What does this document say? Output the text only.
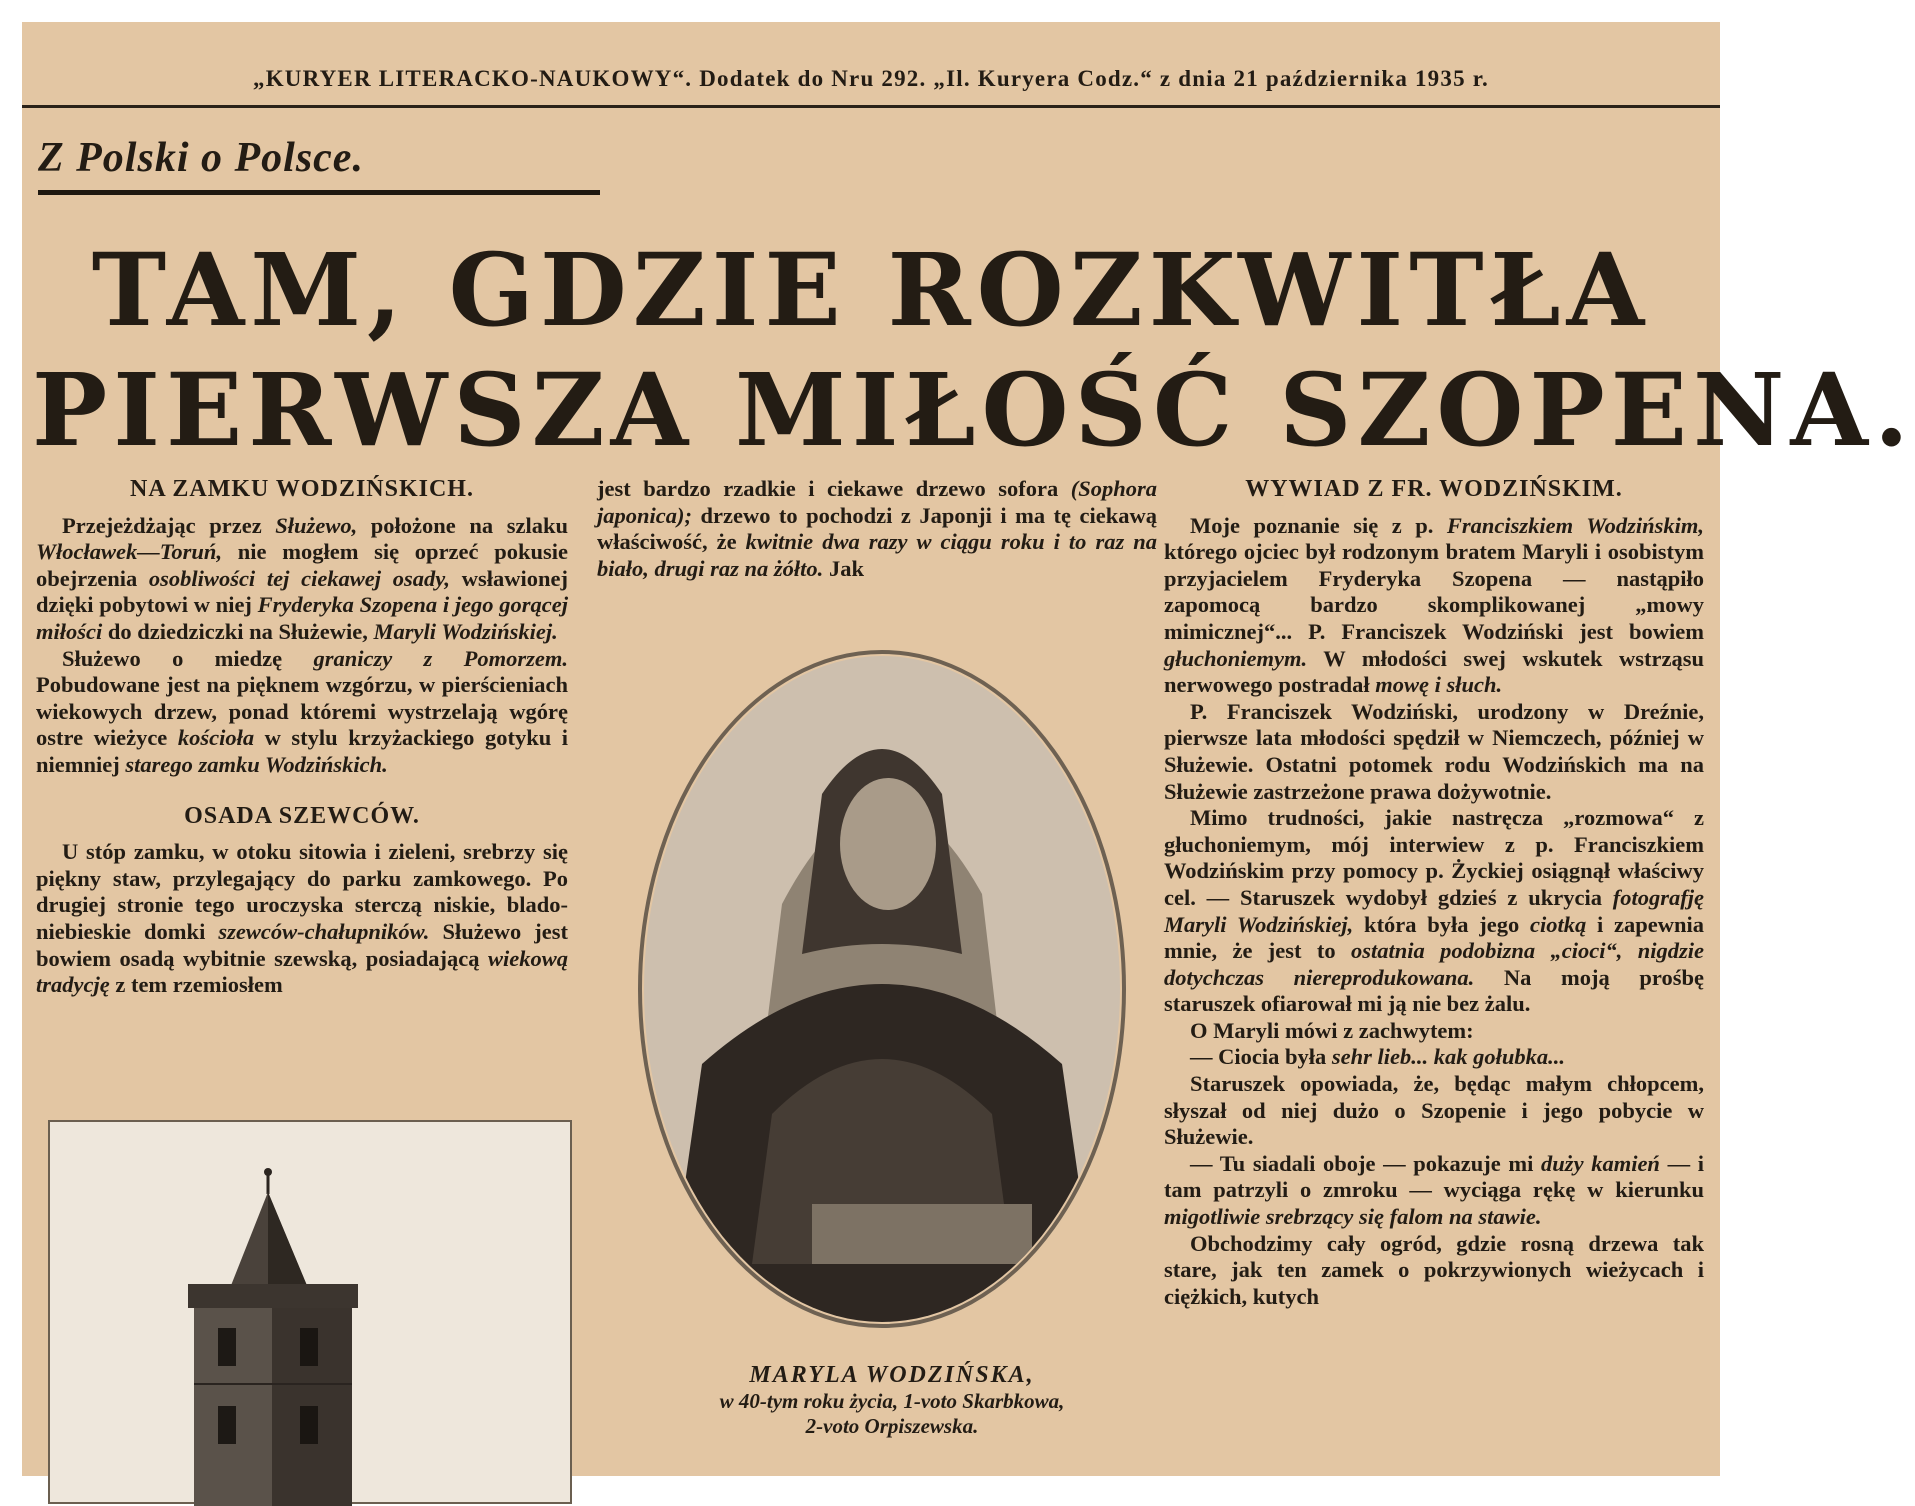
„KURYER LITERACKO-NAUKOWY“. Dodatek do Nru 292. „Il. Kuryera Codz.“ z dnia 21 października 1935 r.
Z Polski o Polsce.
TAM, GDZIE ROZKWITŁA
PIERWSZA MIŁOŚĆ SZOPENA.
NA ZAMKU WODZIŃSKICH.

Przejeżdżając przez Służewo, położone na szlaku Włocławek—Toruń, nie mogłem się oprzeć pokusie obejrzenia osobliwości tej ciekawej osady, wsławionej dzięki pobytowi w niej Fryderyka Szopena i jego gorącej miłości do dziedziczki na Służewie, Maryli Wodzińskiej.

Służewo o miedzę graniczy z Pomorzem. Pobudowane jest na pięknem wzgórzu, w pierścieniach wiekowych drzew, ponad któremi wystrzelają wgórę ostre wieżyce kościoła w stylu krzyżackiego gotyku i niemniej starego zamku Wodzińskich.

OSADA SZEWCÓW.

U stóp zamku, w otoku sitowia i zieleni, srebrzy się piękny staw, przylegający do parku zamkowego. Po drugiej stronie tego uroczyska sterczą niskie, blado-niebieskie domki szewców-chałupników. Służewo jest bowiem osadą wybitnie szewską, posiadającą wiekową tradycję z tem rzemiosłem

jest bardzo rzadkie i ciekawe drzewo sofora (Sophora japonica); drzewo to pochodzi z Japonji i ma tę ciekawą właściwość, że kwitnie dwa razy w ciągu roku i to raz na biało, drugi raz na żółto. Jak

MARYLA WODZIŃSKA,
w 40-tym roku życia, 1-voto Skarbkowa,
2-voto Orpiszewska.
WYWIAD Z FR. WODZIŃSKIM.

Moje poznanie się z p. Franciszkiem Wodzińskim, którego ojciec był rodzonym bratem Maryli i osobistym przyjacielem Fryderyka Szopena — nastąpiło zapomocą bardzo skomplikowanej „mowy mimicznej“... P. Franciszek Wodziński jest bowiem głuchoniemym. W młodości swej wskutek wstrząsu nerwowego postradał mowę i słuch.

P. Franciszek Wodziński, urodzony w Dreźnie, pierwsze lata młodości spędził w Niemczech, później w Służewie. Ostatni potomek rodu Wodzińskich ma na Służewie zastrzeżone prawa dożywotnie.

Mimo trudności, jakie nastręcza „rozmowa“ z głuchoniemym, mój interwiew z p. Franciszkiem Wodzińskim przy pomocy p. Życkiej osiągnął właściwy cel. — Staruszek wydobył gdzieś z ukrycia fotografję Maryli Wodzińskiej, która była jego ciotką i zapewnia mnie, że jest to ostatnia podobizna „cioci“, nigdzie dotychczas niereprodukowana. Na moją prośbę staruszek ofiarował mi ją nie bez żalu.

O Maryli mówi z zachwytem:

— Ciocia była sehr lieb... kak gołubka...

Staruszek opowiada, że, będąc małym chłopcem, słyszał od niej dużo o Szopenie i jego pobycie w Służewie.

— Tu siadali oboje — pokazuje mi duży kamień — i tam patrzyli o zmroku — wyciąga rękę w kierunku migotliwie srebrzący się falom na stawie.

Obchodzimy cały ogród, gdzie rosną drzewa tak stare, jak ten zamek o pokrzywionych wieżycach i ciężkich, kutych
